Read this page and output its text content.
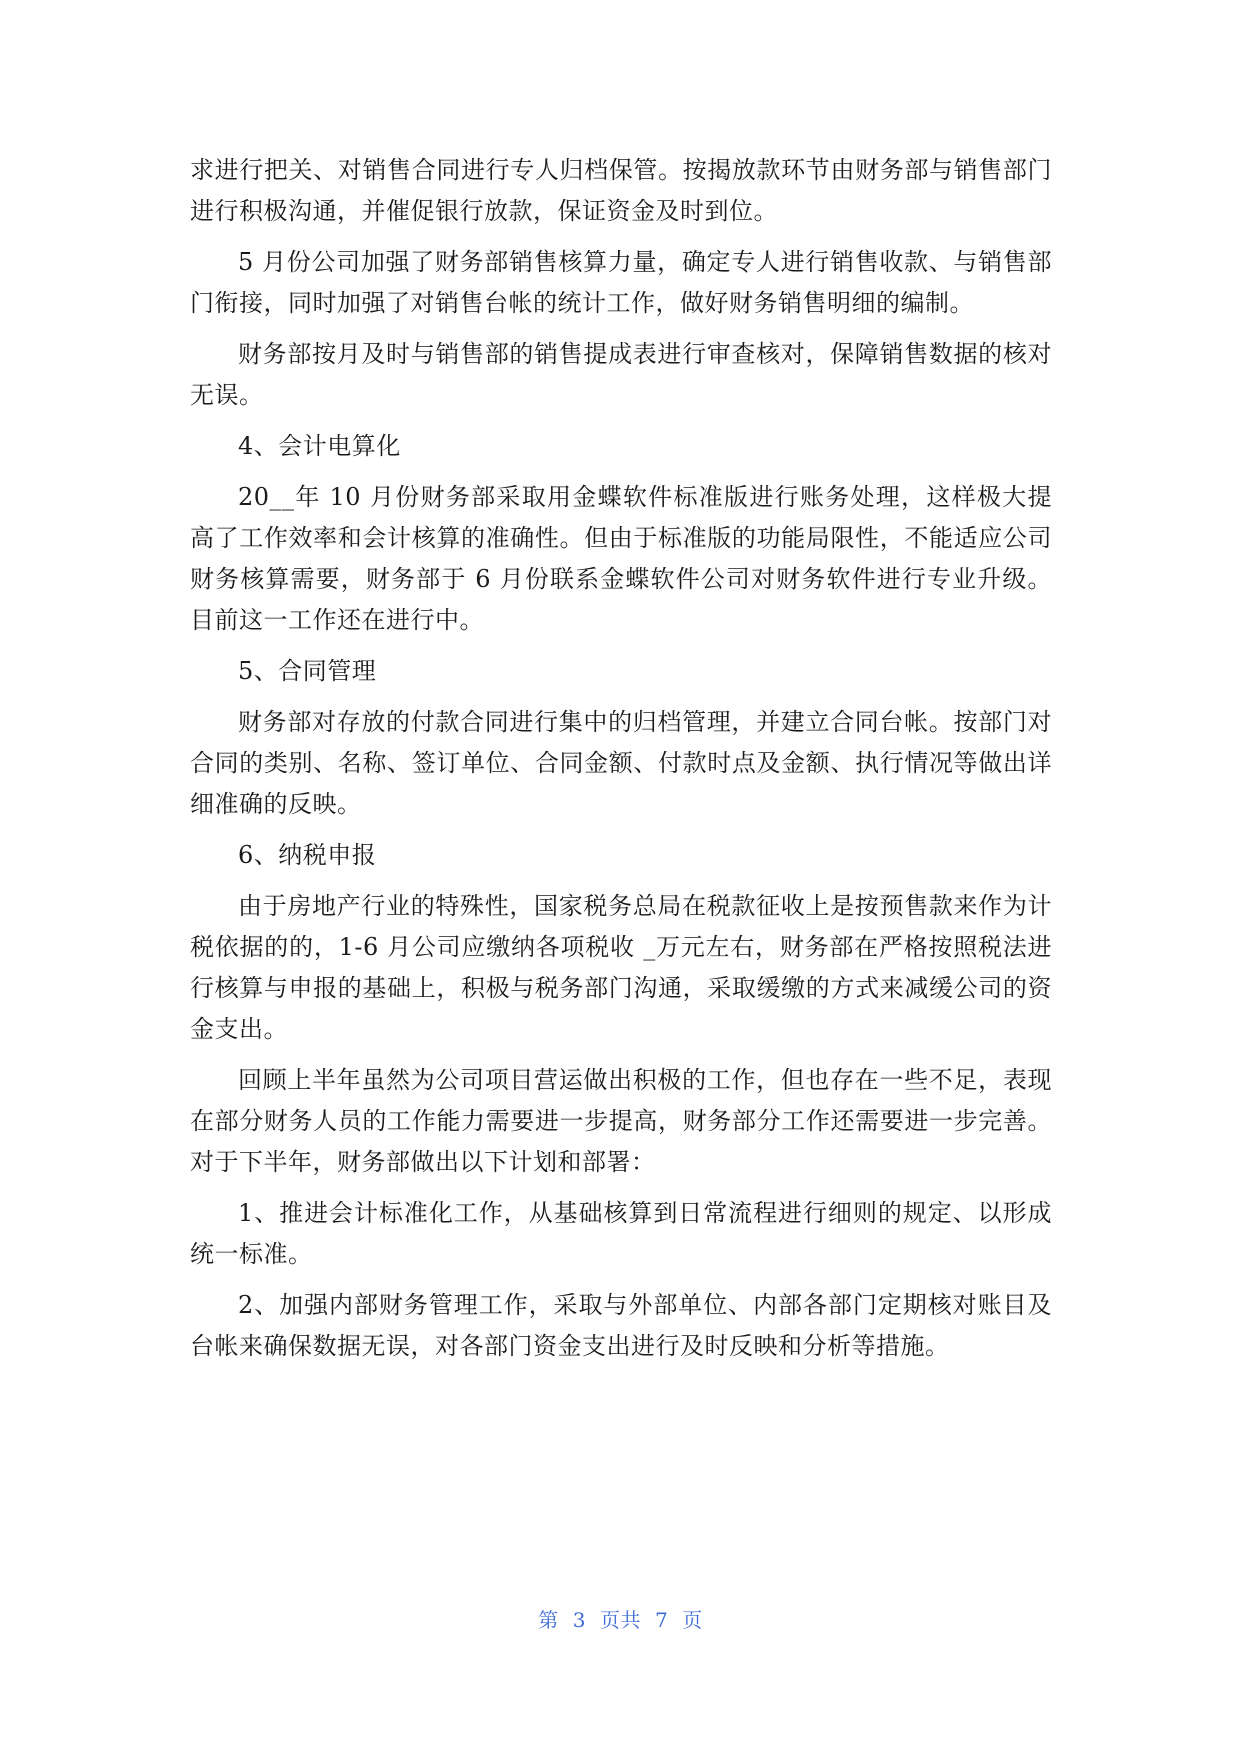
求进行把关、对销售合同进行专人归档保管。按揭放款环节由财务部与销售部门进行积极沟通，并催促银行放款，保证资金及时到位。

5 月份公司加强了财务部销售核算力量，确定专人进行销售收款、与销售部门衔接，同时加强了对销售台帐的统计工作，做好财务销售明细的编制。

财务部按月及时与销售部的销售提成表进行审查核对，保障销售数据的核对无误。

4、会计电算化

20__年 10 月份财务部采取用金蝶软件标准版进行账务处理，这样极大提高了工作效率和会计核算的准确性。但由于标准版的功能局限性，不能适应公司财务核算需要，财务部于 6 月份联系金蝶软件公司对财务软件进行专业升级。目前这一工作还在进行中。

5、合同管理

财务部对存放的付款合同进行集中的归档管理，并建立合同台帐。按部门对合同的类别、名称、签订单位、合同金额、付款时点及金额、执行情况等做出详细准确的反映。

6、纳税申报

由于房地产行业的特殊性，国家税务总局在税款征收上是按预售款来作为计税依据的的，1-6 月公司应缴纳各项税收 _万元左右，财务部在严格按照税法进行核算与申报的基础上，积极与税务部门沟通，采取缓缴的方式来减缓公司的资金支出。

回顾上半年虽然为公司项目营运做出积极的工作，但也存在一些不足，表现在部分财务人员的工作能力需要进一步提高，财务部分工作还需要进一步完善。对于下半年，财务部做出以下计划和部署：

1、推进会计标准化工作，从基础核算到日常流程进行细则的规定、以形成统一标准。

2、加强内部财务管理工作，采取与外部单位、内部各部门定期核对账目及台帐来确保数据无误，对各部门资金支出进行及时反映和分析等措施。

第 3 页共 7 页
